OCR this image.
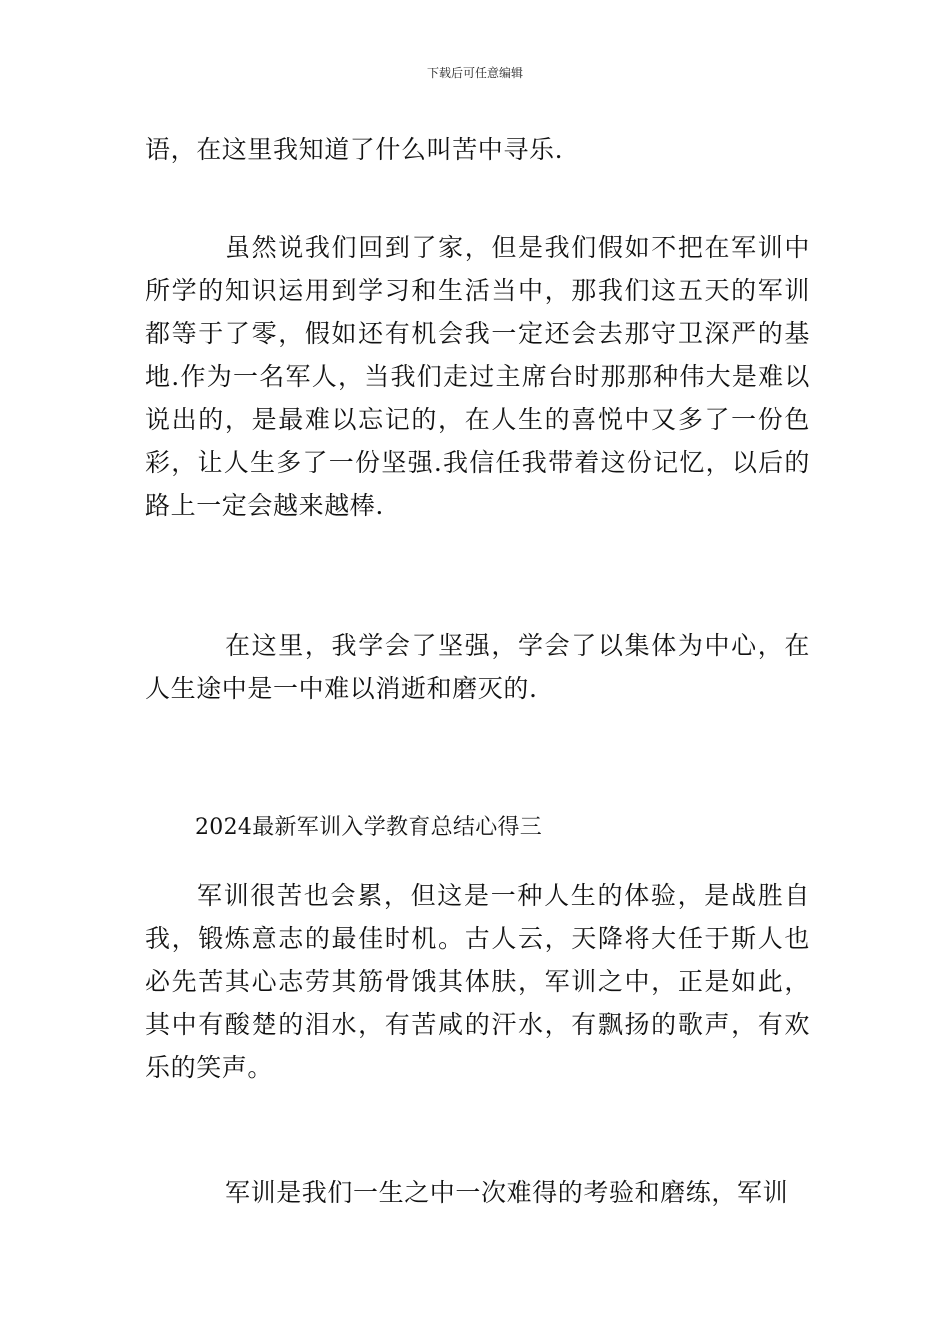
下载后可任意编辑

语，在这里我知道了什么叫苦中寻乐.

虽然说我们回到了家，但是我们假如不把在军训中所学的知识运用到学习和生活当中，那我们这五天的军训都等于了零，假如还有机会我一定还会去那守卫深严的基地.作为一名军人，当我们走过主席台时那那种伟大是难以说出的，是最难以忘记的，在人生的喜悦中又多了一份色彩，让人生多了一份坚强.我信任我带着这份记忆，以后的路上一定会越来越棒.

在这里，我学会了坚强，学会了以集体为中心，在人生途中是一中难以消逝和磨灭的.

2024最新军训入学教育总结心得三

军训很苦也会累，但这是一种人生的体验，是战胜自我，锻炼意志的最佳时机。古人云，天降将大任于斯人也必先苦其心志劳其筋骨饿其体肤，军训之中，正是如此，其中有酸楚的泪水，有苦咸的汗水，有飘扬的歌声，有欢乐的笑声。

军训是我们一生之中一次难得的考验和磨练，军训
